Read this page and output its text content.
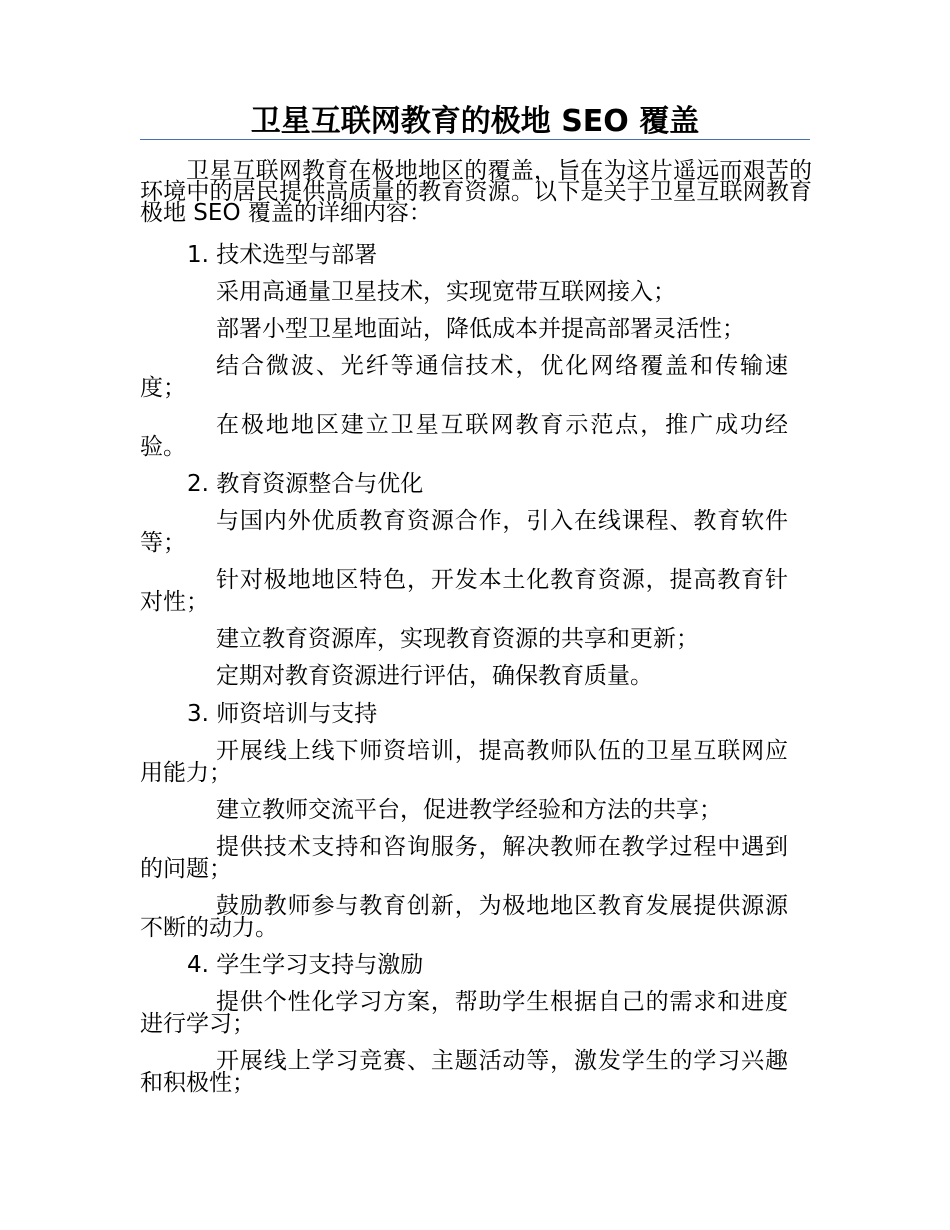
卫星互联网教育的极地 SEO 覆盖
卫星互联网教育在极地地区的覆盖，旨在为这片遥远而艰苦的环境中的居民提供高质量的教育资源。以下是关于卫星互联网教育极地 SEO 覆盖的详细内容：
1. 技术选型与部署
采用高通量卫星技术，实现宽带互联网接入；
部署小型卫星地面站，降低成本并提高部署灵活性；
结合微波、光纤等通信技术，优化网络覆盖和传输速度；
在极地地区建立卫星互联网教育示范点，推广成功经验。
2. 教育资源整合与优化
与国内外优质教育资源合作，引入在线课程、教育软件等；
针对极地地区特色，开发本土化教育资源，提高教育针对性；
建立教育资源库，实现教育资源的共享和更新；
定期对教育资源进行评估，确保教育质量。
3. 师资培训与支持
开展线上线下师资培训，提高教师队伍的卫星互联网应用能力；
建立教师交流平台，促进教学经验和方法的共享；
提供技术支持和咨询服务，解决教师在教学过程中遇到的问题；
鼓励教师参与教育创新，为极地地区教育发展提供源源不断的动力。
4. 学生学习支持与激励
提供个性化学习方案，帮助学生根据自己的需求和进度进行学习；
开展线上学习竞赛、主题活动等，激发学生的学习兴趣和积极性；
